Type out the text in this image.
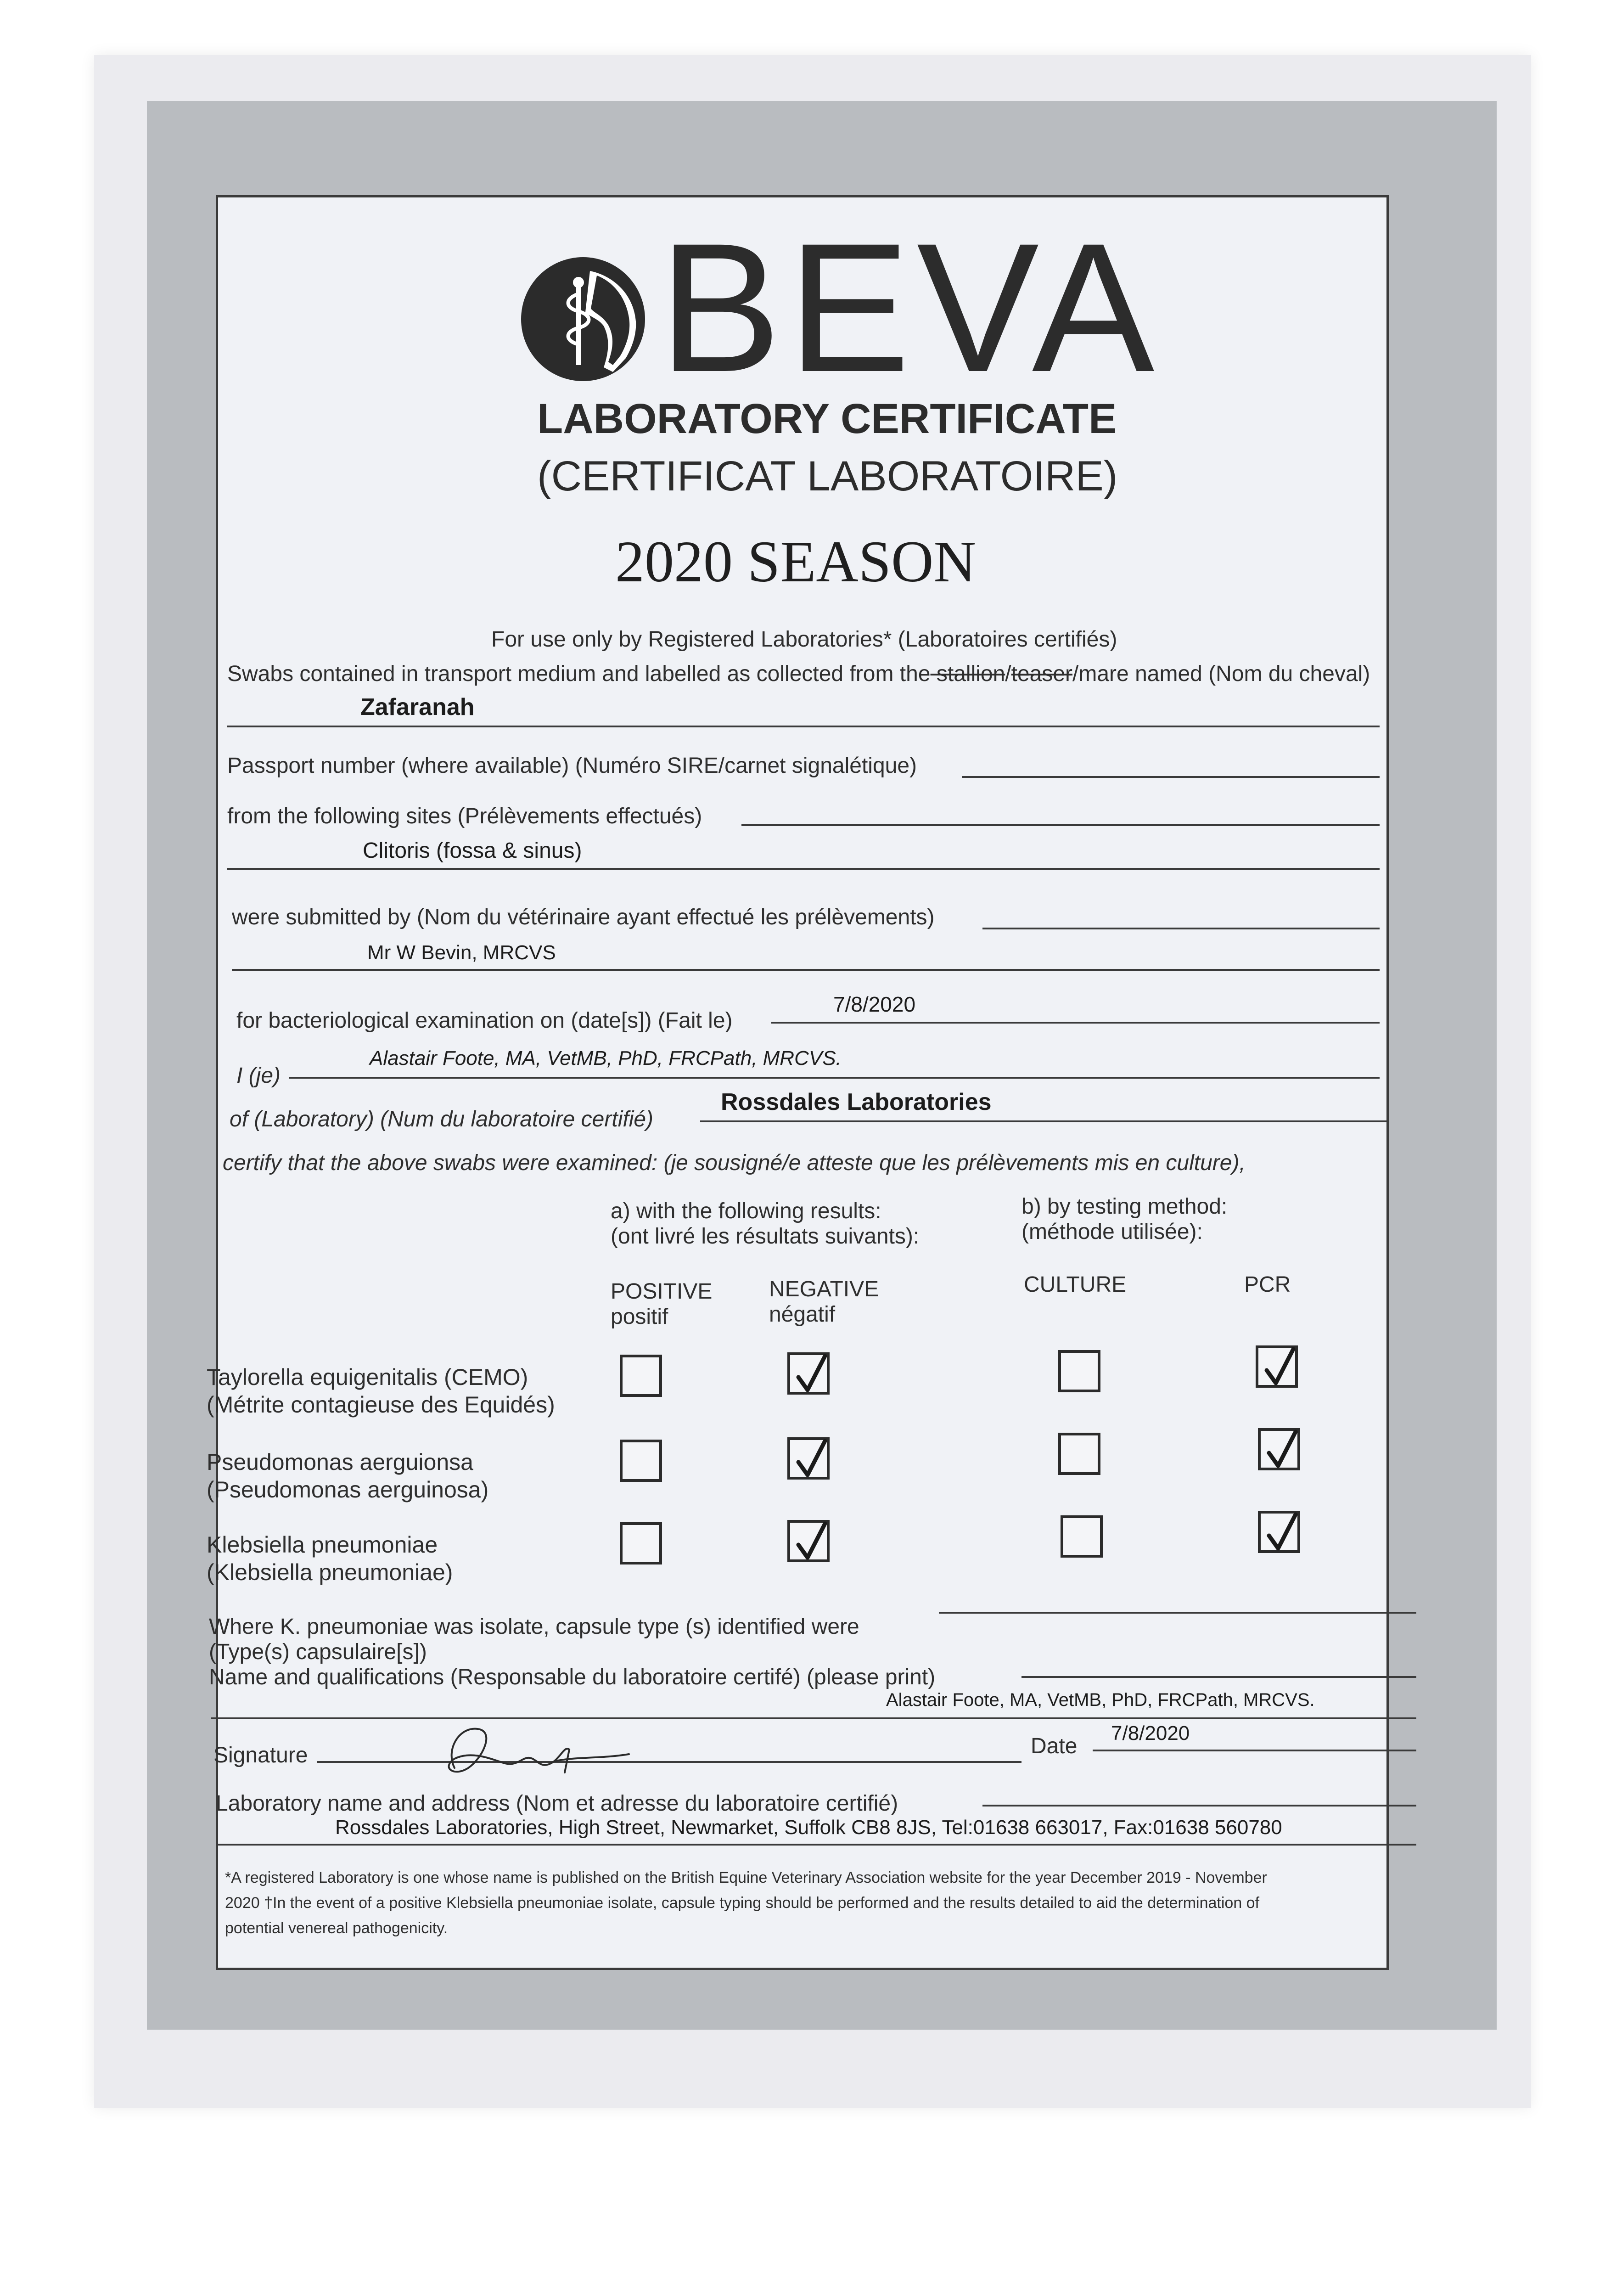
BEVA
LABORATORY CERTIFICATE
(CERTIFICAT LABORATOIRE)
2020 SEASON
For use only by Registered Laboratories* (Laboratoires certifiés)
Swabs contained in transport medium and labelled as collected from the stallion/teaser/mare named (Nom du cheval)
Zafaranah
Passport number (where available) (Numéro SIRE/carnet signalétique)
from the following sites (Prélèvements effectués)
Clitoris (fossa & sinus)
were submitted by (Nom du vétérinaire ayant effectué les prélèvements)
Mr W Bevin, MRCVS
for bacteriological examination on (date[s]) (Fait le)
7/8/2020
I (je)
Alastair Foote, MA, VetMB, PhD, FRCPath, MRCVS.
of (Laboratory) (Num du laboratoire certifié)
Rossdales Laboratories
certify that the above swabs were examined: (je sousigné/e atteste que les prélèvements mis en culture),
a) with the following results:
(ont livré les résultats suivants):
b) by testing method:
(méthode utilisée):
POSITIVE
positif
NEGATIVE
négatif
CULTURE	PCR
Taylorella equigenitalis (CEMO)
(Métrite contagieuse des Equidés)
Pseudomonas aerguionsa
(Pseudomonas aerguinosa)
Klebsiella pneumoniae
(Klebsiella pneumoniae)
Where K. pneumoniae was isolate, capsule type (s) identified were
(Type(s) capsulaire[s])
Name and qualifications (Responsable du laboratoire certifé) (please print)
Alastair Foote, MA, VetMB, PhD, FRCPath, MRCVS.
Signature	Date
7/8/2020
Laboratory name and address (Nom et adresse du laboratoire certifié)
Rossdales Laboratories, High Street, Newmarket, Suffolk CB8 8JS, Tel:01638 663017, Fax:01638 560780
*A registered Laboratory is one whose name is published on the British Equine Veterinary Association website for the year December 2019 - November
2020 †In the event of a positive Klebsiella pneumoniae isolate, capsule typing should be performed and the results detailed to aid the determination of
potential venereal pathogenicity.
